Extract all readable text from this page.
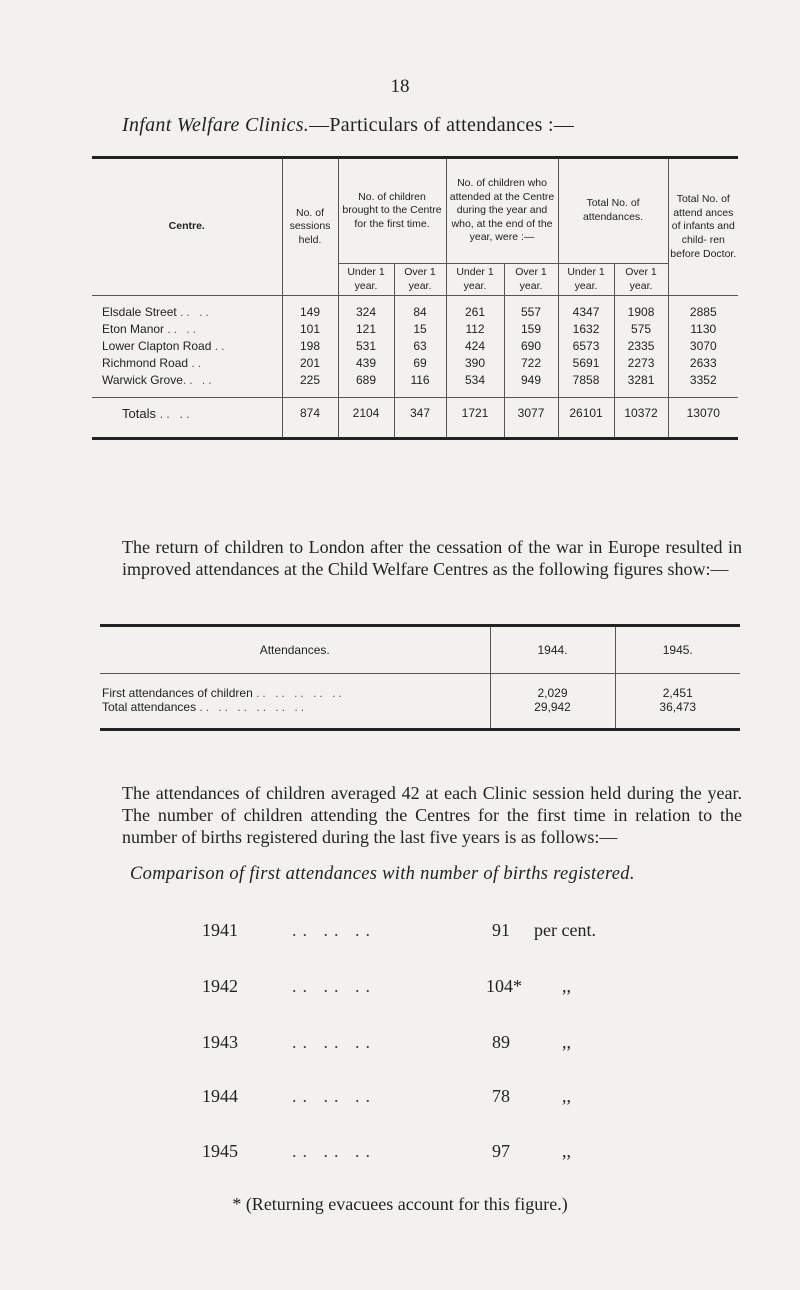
18
Infant Welfare Clinics.—Particulars of attendances :—
Centre.	No. of sessions held.	No. of children brought to the Centre for the first time.		No. of children who attended at the Centre during the year and who, at the end of the year, were :—		Total No. of attendances.		Total No. of attend ances of infants and child- ren before Doctor.
		Under 1 year.	Over 1 year.	Under 1 year.	Over 1 year.	Under 1 year.	Over 1 year.	

Elsdale Street .. ..	149	324	84	261	557	4347	1908	2885
Eton Manor .. ..	101	121	15	112	159	1632	575	1130
Lower Clapton Road ..	198	531	63	424	690	6573	2335	3070
Richmond Road ..	201	439	69	390	722	5691	2273	2633
Warwick Grove.. ..	225	689	116	534	949	7858	3281	3352

Totals .. ..	874	2104	347	1721	3077	26101	10372	13070
The return of children to London after the cessation of the war in Europe resulted in improved attendances at the Child Welfare Centres as the following figures show:—
Attendances.	1944.	1945.

First attendances of children .. .. .. .. ..	2,029	2,451
Total attendances .. .. .. .. .. ..	29,942	36,473

The attendances of children averaged 42 at each Clinic session held during the year. The number of children attending the Centres for the first time in relation to the number of births registered during the last five years is as follows:—
Comparison of first attendances with number of births registered.
1941	.. .. ..	91 per cent.
1942	.. .. ..	104* ,,
1943	.. .. ..	89	,,
1944	.. .. ..	78	,,
1945	.. .. ..	97	,,
* (Returning evacuees account for this figure.)
